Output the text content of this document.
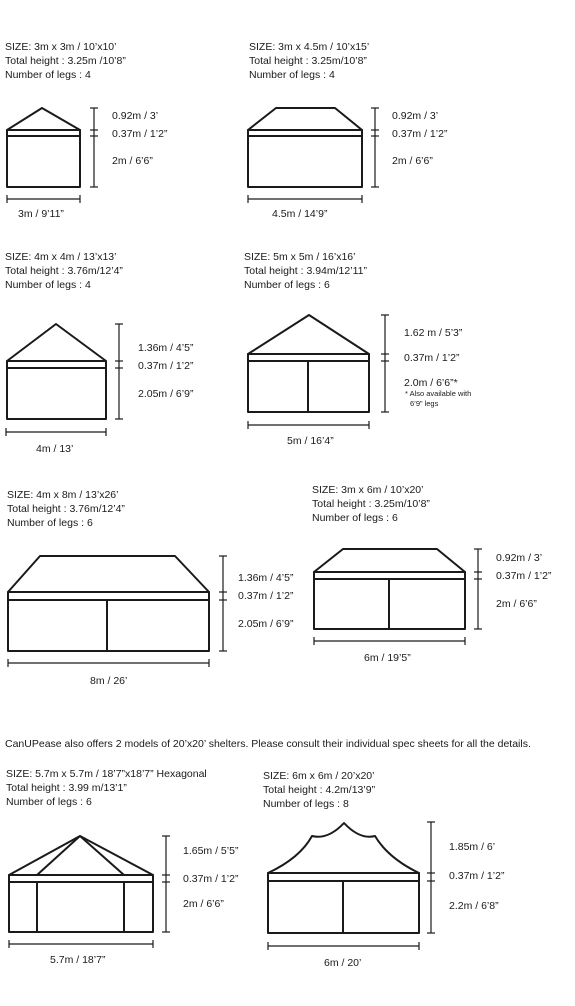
SIZE: 3m x 3m / 10’x10’
Total height : 3.25m /10’8”
Number of legs : 4
SIZE: 3m x 4.5m / 10’x15’
Total height : 3.25m/10’8”
Number of legs : 4
SIZE: 4m x 4m / 13’x13’
Total height : 3.76m/12’4”
Number of legs : 4
SIZE: 5m x 5m / 16’x16’
Total height : 3.94m/12’11”
Number of legs : 6
SIZE: 4m x 8m / 13’x26’
Total height : 3.76m/12’4”
Number of legs : 6
SIZE: 3m x 6m / 10’x20’
Total height : 3.25m/10’8”
Number of legs : 6
CanUPease also offers 2 models of 20’x20’ shelters. Please consult their individual spec sheets for all the details.
SIZE: 5.7m x 5.7m / 18’7”x18’7” Hexagonal
Total height : 3.99 m/13’1”
Number of legs : 6
SIZE: 6m x 6m / 20’x20’
Total height : 4.2m/13’9”
Number of legs : 8
0.92m / 3’
0.37m / 1’2”
2m / 6’6”
3m / 9’11”
0.92m / 3’
0.37m / 1’2”
2m / 6’6”
4.5m / 14’9”
1.36m / 4’5”
0.37m / 1’2”
2.05m / 6’9”
4m / 13’
1.62 m / 5’3”
0.37m / 1’2”
2.0m / 6’6”*
* Also available with
6’9” legs
5m / 16’4”
1.36m / 4’5”
0.37m / 1’2”
2.05m / 6’9”
8m / 26’
0.92m / 3’
0.37m / 1’2”
2m / 6’6”
6m / 19’5”
1.65m / 5’5”
0.37m / 1’2”
2m / 6’6”
5.7m / 18’7”
1.85m / 6’
0.37m / 1’2”
2.2m / 6’8”
6m / 20’
